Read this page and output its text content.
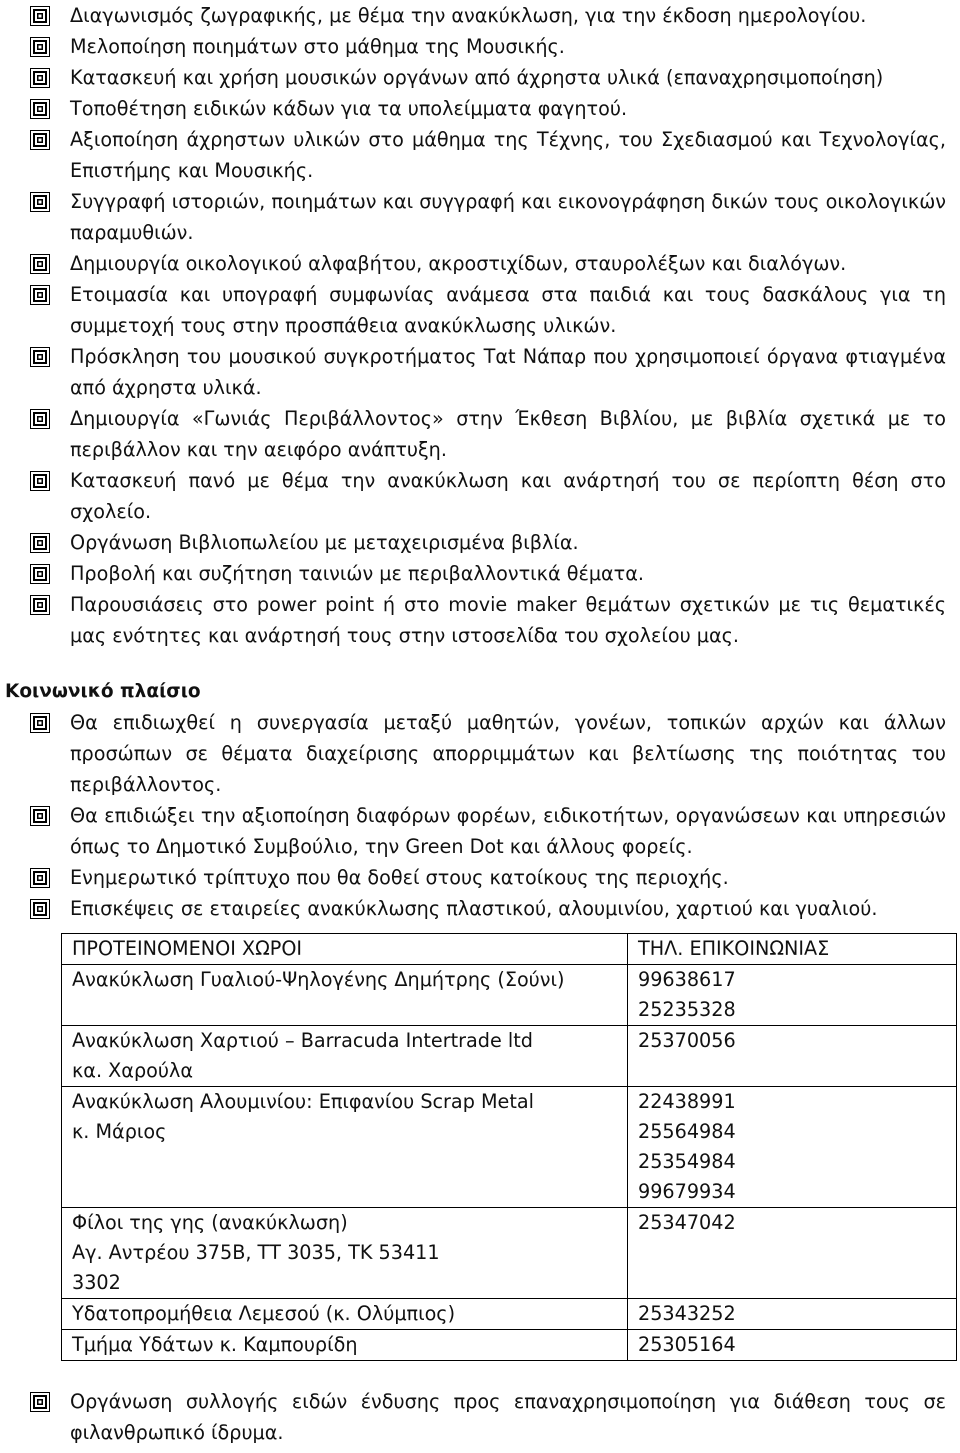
Διαγωνισμός ζωγραφικής, με θέμα την ανακύκλωση, για την έκδοση ημερολογίου.
Μελοποίηση ποιημάτων στο μάθημα της Μουσικής.
Κατασκευή και χρήση μουσικών οργάνων από άχρηστα υλικά (επαναχρησιμοποίηση)
Τοποθέτηση ειδικών κάδων για τα υπολείμματα φαγητού.
Αξιοποίηση άχρηστων υλικών στο μάθημα της Τέχνης, του Σχεδιασμού και Τεχνολογίας, Επιστήμης και Μουσικής.
Συγγραφή ιστοριών, ποιημάτων και συγγραφή και εικονογράφηση δικών τους οικολογικών παραμυθιών.
Δημιουργία οικολογικού αλφαβήτου, ακροστιχίδων, σταυρολέξων και διαλόγων.
Ετοιμασία και υπογραφή συμφωνίας ανάμεσα στα παιδιά και τους δασκάλους για τη συμμετοχή τους στην προσπάθεια ανακύκλωσης υλικών.
Πρόσκληση του μουσικού συγκροτήματος Ταt Νάπαρ που χρησιμοποιεί όργανα φτιαγμένα από άχρηστα υλικά.
Δημιουργία «Γωνιάς Περιβάλλοντος» στην Έκθεση Βιβλίου, με βιβλία σχετικά με το περιβάλλον και την αειφόρο ανάπτυξη.
Κατασκευή πανό με θέμα την ανακύκλωση και ανάρτησή του σε περίοπτη θέση στο σχολείο.
Οργάνωση Βιβλιοπωλείου με μεταχειρισμένα βιβλία.
Προβολή και συζήτηση ταινιών με περιβαλλοντικά θέματα.
Παρουσιάσεις στο power point ή στο movie maker θεμάτων σχετικών με τις θεματικές μας ενότητες και ανάρτησή τους στην ιστοσελίδα του σχολείου μας.
Κοινωνικό πλαίσιο
Θα επιδιωχθεί η συνεργασία μεταξύ μαθητών, γονέων, τοπικών αρχών και άλλων προσώπων σε θέματα διαχείρισης απορριμμάτων και βελτίωσης της ποιότητας του περιβάλλοντος.
Θα επιδιώξει την αξιοποίηση διαφόρων φορέων, ειδικοτήτων, οργανώσεων και υπηρεσιών όπως το Δημοτικό Συμβούλιο, την Green Dot και άλλους φορείς.
Ενημερωτικό τρίπτυχο που θα δοθεί στους κατοίκους της περιοχής.
Επισκέψεις σε εταιρείες ανακύκλωσης πλαστικού, αλουμινίου, χαρτιού και γυαλιού.
ΠΡΟΤΕΙΝΟΜΕΝΟΙ ΧΩΡΟΙ	ΤΗΛ. ΕΠΙΚΟΙΝΩΝΙΑΣ

Ανακύκλωση Γυαλιού-Ψηλογένης Δημήτρης (Σούνι)	99638617
25235328

Ανακύκλωση Χαρτιού – Barracuda Intertrade ltd
κα. Χαρούλα	25370056

Ανακύκλωση Αλουμινίου: Επιφανίου Scrap Metal
κ. Μάριος	22438991
25564984
25354984
99679934

Φίλοι της γης (ανακύκλωση)
Αγ. Αντρέου 375Β, ΤΤ 3035, ΤΚ 53411
3302	25347042

Υδατοπρομήθεια Λεμεσού (κ. Ολύμπιος)	25343252

Τμήμα Υδάτων κ. Καμπουρίδη	25305164
Οργάνωση συλλογής ειδών ένδυσης προς επαναχρησιμοποίηση για διάθεση τους σε φιλανθρωπικό ίδρυμα.
